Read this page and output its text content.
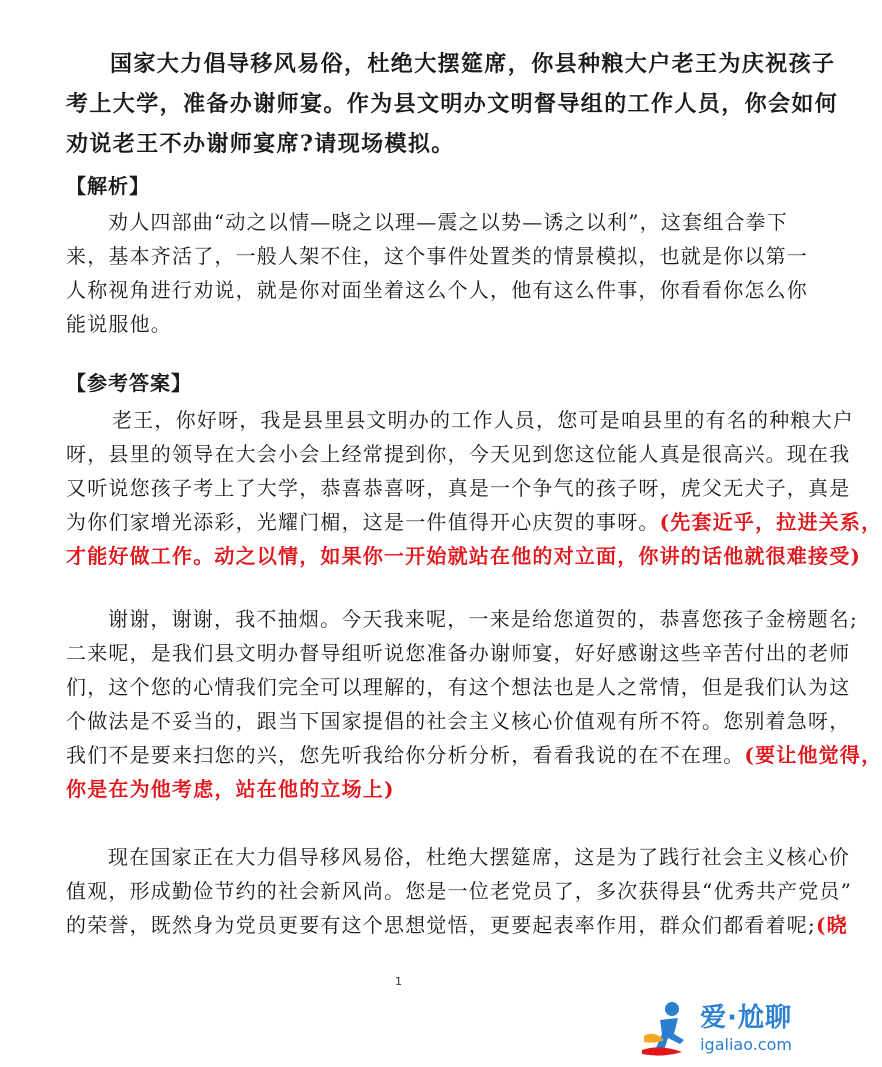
国家大力倡导移风易俗，杜绝大摆筵席，你县种粮大户老王为庆祝孩子
考上大学，准备办谢师宴。作为县文明办文明督导组的工作人员，你会如何
劝说老王不办谢师宴席?请现场模拟。
【解析】
劝人四部曲“动之以情—晓之以理—震之以势—诱之以利”，这套组合拳下
来，基本齐活了，一般人架不住，这个事件处置类的情景模拟，也就是你以第一
人称视角进行劝说，就是你对面坐着这么个人，他有这么件事，你看看你怎么你
能说服他。
【参考答案】
老王，你好呀，我是县里县文明办的工作人员，您可是咱县里的有名的种粮大户
呀，县里的领导在大会小会上经常提到你，今天见到您这位能人真是很高兴。现在我
又听说您孩子考上了大学，恭喜恭喜呀，真是一个争气的孩子呀，虎父无犬子，真是
为你们家增光添彩，光耀门楣，这是一件值得开心庆贺的事呀。(先套近乎，拉进关系，
才能好做工作。动之以情，如果你一开始就站在他的对立面，你讲的话他就很难接受)
谢谢，谢谢，我不抽烟。今天我来呢，一来是给您道贺的，恭喜您孩子金榜题名;
二来呢，是我们县文明办督导组听说您准备办谢师宴，好好感谢这些辛苦付出的老师
们，这个您的心情我们完全可以理解的，有这个想法也是人之常情，但是我们认为这
个做法是不妥当的，跟当下国家提倡的社会主义核心价值观有所不符。您别着急呀，
我们不是要来扫您的兴，您先听我给你分析分析，看看我说的在不在理。(要让他觉得，
你是在为他考虑，站在他的立场上)
现在国家正在大力倡导移风易俗，杜绝大摆筵席，这是为了践行社会主义核心价
值观，形成勤俭节约的社会新风尚。您是一位老党员了，多次获得县“优秀共产党员”
的荣誉，既然身为党员更要有这个思想觉悟，更要起表率作用，群众们都看着呢;(晓
1
爱·尬聊
igaliao.com
